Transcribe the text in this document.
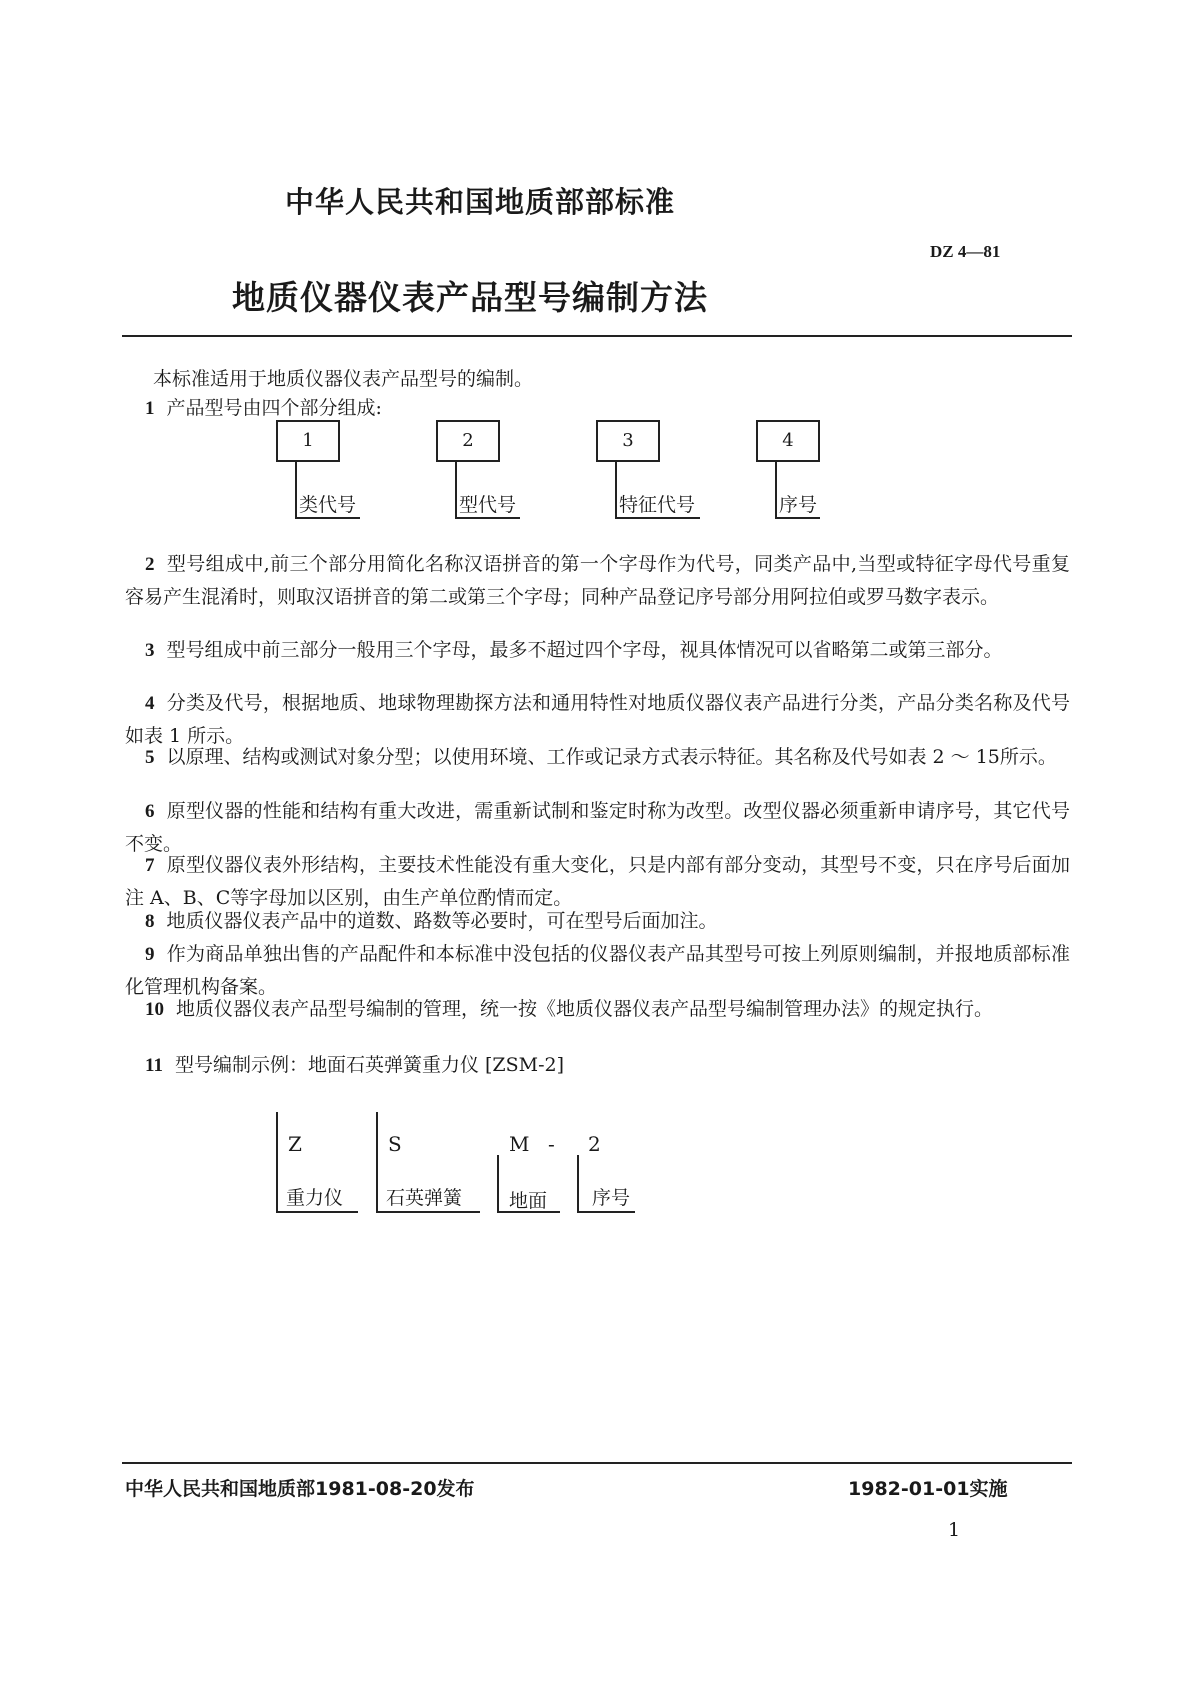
中华人民共和国地质部部标准
DZ 4—81
地质仪器仪表产品型号编制方法
本标准适用于地质仪器仪表产品型号的编制。
1 产品型号由四个部分组成:
1	2	3	4
类代号	型代号	特征代号	序号
2 型号组成中,前三个部分用简化名称汉语拼音的第一个字母作为代号，同类产品中,当型或特征字母代号重复容易产生混淆时，则取汉语拼音的第二或第三个字母；同种产品登记序号部分用阿拉伯或罗马数字表示。
3 型号组成中前三部分一般用三个字母，最多不超过四个字母，视具体情况可以省略第二或第三部分。
4 分类及代号，根据地质、地球物理勘探方法和通用特性对地质仪器仪表产品进行分类，产品分类名称及代号如表 1 所示。
5 以原理、结构或测试对象分型；以使用环境、工作或记录方式表示特征。其名称及代号如表 2 ～ 15所示。
6 原型仪器的性能和结构有重大改进，需重新试制和鉴定时称为改型。改型仪器必须重新申请序号，其它代号不变。
7 原型仪器仪表外形结构，主要技术性能没有重大变化，只是内部有部分变动，其型号不变，只在序号后面加注 A、B、C等字母加以区别，由生产单位酌情而定。
8 地质仪器仪表产品中的道数、路数等必要时，可在型号后面加注。
9 作为商品单独出售的产品配件和本标准中没包括的仪器仪表产品其型号可按上列原则编制，并报地质部标准化管理机构备案。
10 地质仪器仪表产品型号编制的管理，统一按《地质仪器仪表产品型号编制管理办法》的规定执行。
11 型号编制示例：地面石英弹簧重力仪 [ZSM-2]
Z	S	M - 2
重力仪 石英弹簧 地面 序号
中华人民共和国地质部1981-08-20发布	1982-01-01实施
1
